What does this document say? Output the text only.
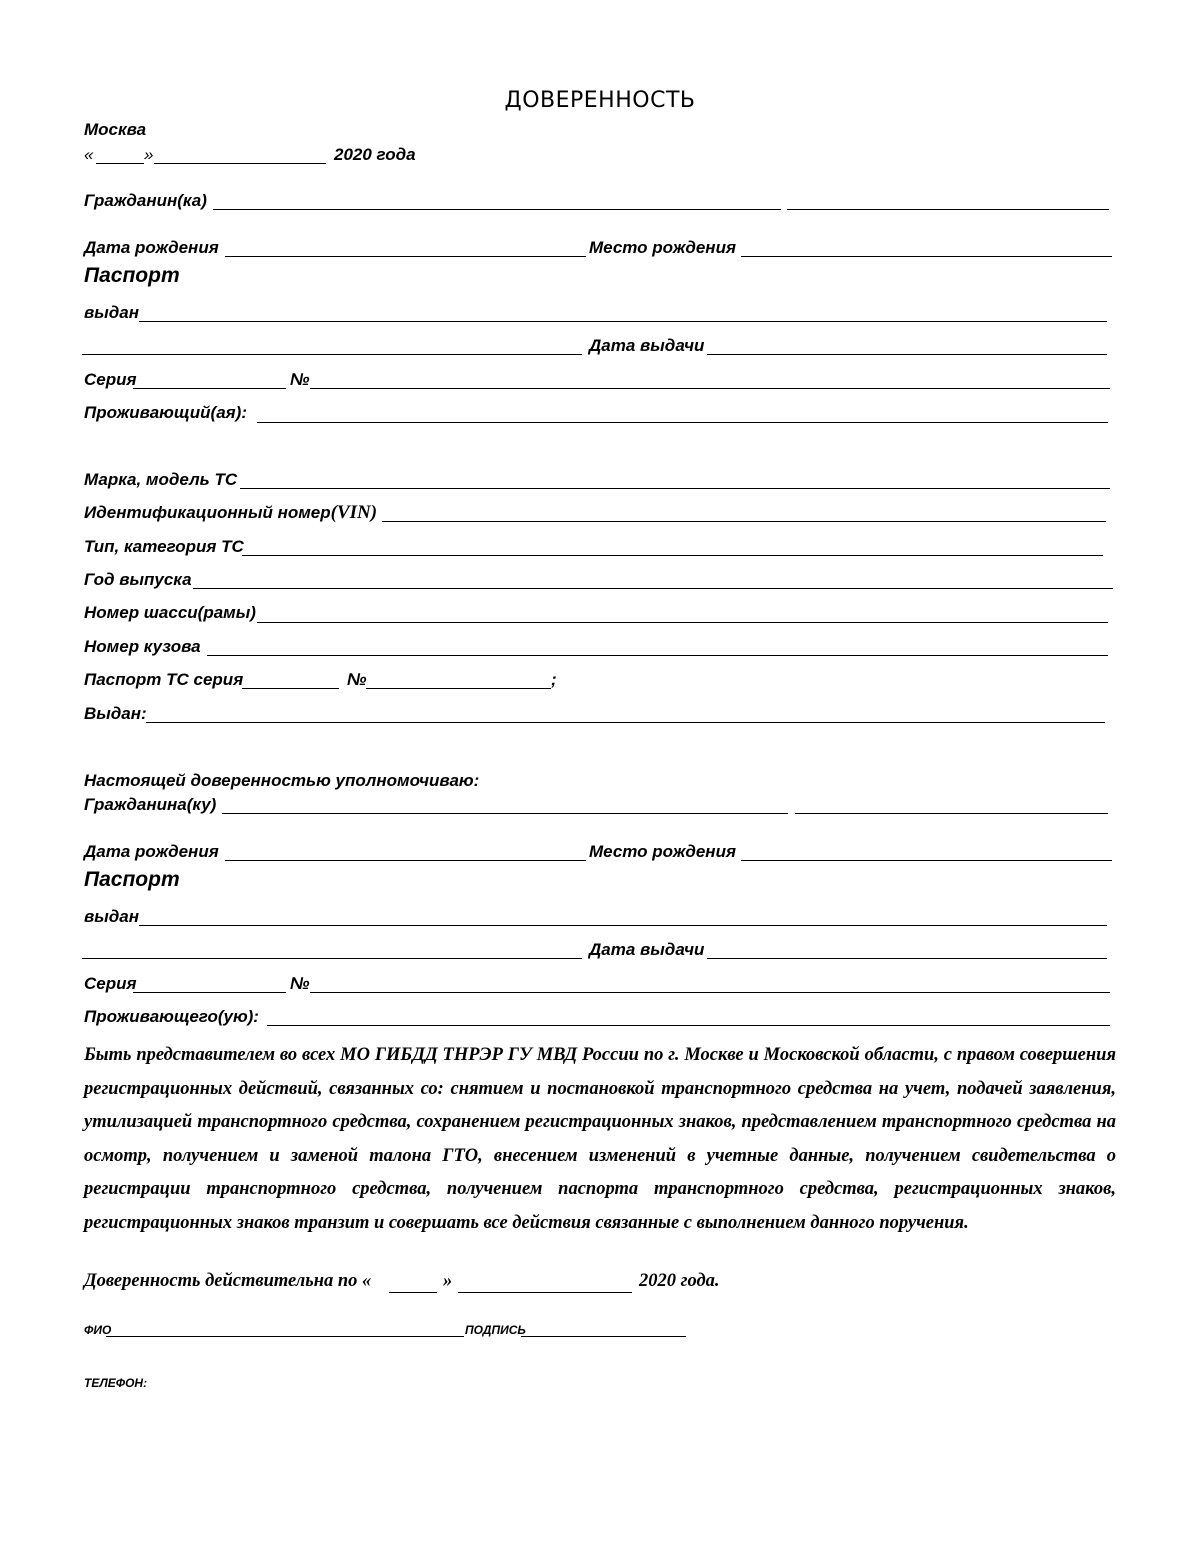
ДОВЕРЕННОСТЬ
Москва
«	»	2020 года
Гражданин(ка)
Дата рождения	Место рождения
Паспорт
выдан
Дата выдачи
Серия	№
Проживающий(ая):
Марка, модель ТС
Идентификационный номер(VIN)
Тип, категория ТС
Год выпуска
Номер шасси(рамы)
Номер кузова
Паспорт ТС серия	№	;
Выдан:
Настоящей доверенностью уполномочиваю:
Гражданина(ку)
Дата рождения	Место рождения
Паспорт
выдан
Дата выдачи
Серия	№
Проживающего(ую):
Быть представителем во всех МО ГИБДД ТНРЭР ГУ МВД России по г. Москве и Московской области, с правом совершения регистрационных действий, связанных со: снятием и постановкой транспортного средства на учет, подачей заявления, утилизацией транспортного средства, сохранением регистрационных знаков, представлением транспортного средства на осмотр, получением и заменой талона ГТО, внесением изменений в учетные данные, получением свидетельства о регистрации транспортного средства, получением паспорта транспортного средства, регистрационных знаков, регистрационных знаков транзит и совершать все действия связанные с выполнением данного поручения.
Доверенность действительна по «	»	2020 года.
ФИО	ПОДПИСЬ
ТЕЛЕФОН:
